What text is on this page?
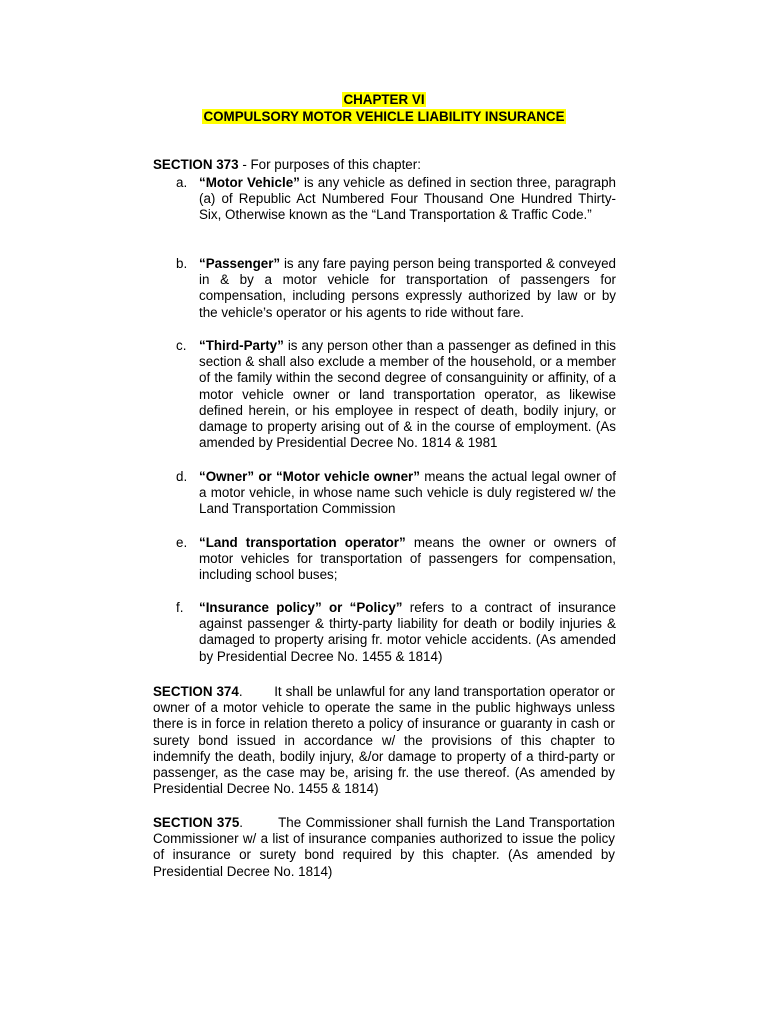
CHAPTER VI
COMPULSORY MOTOR VEHICLE LIABILITY INSURANCE
SECTION 373 - For purposes of this chapter:
a. “Motor Vehicle” is any vehicle as defined in section three, paragraph (a) of Republic Act Numbered Four Thousand One Hundred Thirty-Six, Otherwise known as the “Land Transportation & Traffic Code.”
b. “Passenger” is any fare paying person being transported & conveyed in & by a motor vehicle for transportation of passengers for compensation, including persons expressly authorized by law or by the vehicle’s operator or his agents to ride without fare.
c. “Third-Party” is any person other than a passenger as defined in this section & shall also exclude a member of the household, or a member of the family within the second degree of consanguinity or affinity, of a motor vehicle owner or land transportation operator, as likewise defined herein, or his employee in respect of death, bodily injury, or damage to property arising out of & in the course of employment. (As amended by Presidential Decree No. 1814 & 1981
d. “Owner” or “Motor vehicle owner” means the actual legal owner of a motor vehicle, in whose name such vehicle is duly registered w/ the Land Transportation Commission
e. “Land transportation operator” means the owner or owners of motor vehicles for transportation of passengers for compensation, including school buses;
f. “Insurance policy” or “Policy” refers to a contract of insurance against passenger & thirty-party liability for death or bodily injuries & damaged to property arising fr. motor vehicle accidents. (As amended by Presidential Decree No. 1455 & 1814)
SECTION 374.        It shall be unlawful for any land transportation operator or owner of a motor vehicle to operate the same in the public highways unless there is in force in relation thereto a policy of insurance or guaranty in cash or surety bond issued in accordance w/ the provisions of this chapter to indemnify the death, bodily injury, &/or damage to property of a third-party or passenger, as the case may be, arising fr. the use thereof. (As amended by Presidential Decree No. 1455 & 1814)
SECTION 375.        The Commissioner shall furnish the Land Transportation Commissioner w/ a list of insurance companies authorized to issue the policy of insurance or surety bond required by this chapter. (As amended by Presidential Decree No. 1814)
